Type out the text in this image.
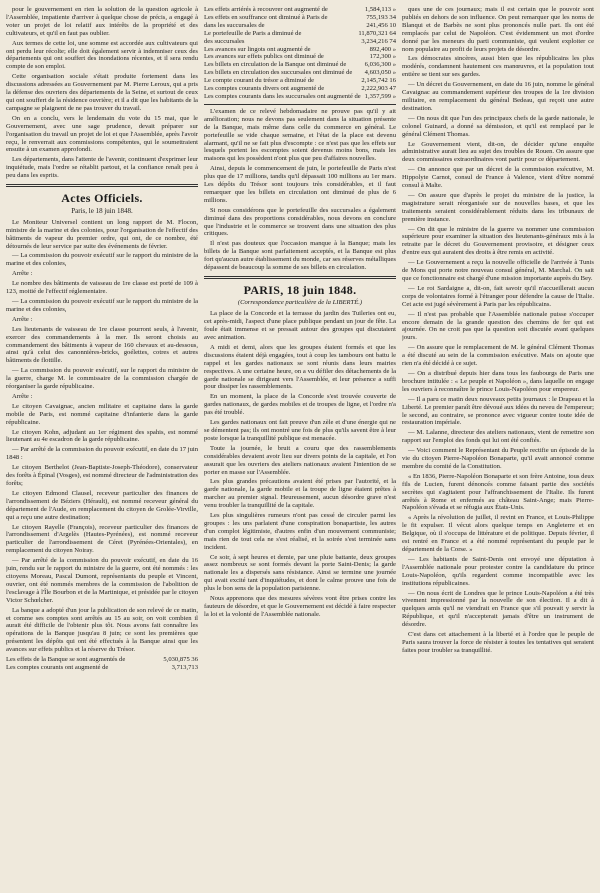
pour le gouvernement en rien la solution de la question agricole à l'Assemblée, impatiente d'arriver à quelque chose de précis, a engagé à voter un projet de loi relatif aux intérêts de la propriété et des cultivateurs, et qu'il en faut pas oublier.

Aux termes de cette loi, une somme est accordée aux cultivateurs qui ont perdu leur récolte; elle doit également servir à indemniser ceux des départements qui ont souffert des inondations récentes, et il sera rendu compte de son emploi.

Cette organisation sociale s'était produite fortement dans les discussions adressées au Gouvernement par M. Pierre Leroux, qui a pris la défense des ouvriers des départements de la Seine, et surtout de ceux qui ont souffert de la résidence ouvrière; et il a dit que les habitants de la campagne se plaignent de ne pas trouver du travail.

On en a conclu, vers le lendemain du vote du 15 mai, que le Gouvernement, avec une sage prudence, devait préparer sur l'organisation du travail un projet de loi et que l'Assemblée, après l'avoir reçu, le renverrait aux commissions compétentes, qui le soumettraient ensuite à un examen approfondi.

Les départements, dans l'attente de l'avenir, continuent d'exprimer leur inquiétude, mais l'ordre se rétablit partout, et la confiance renaît peu à peu dans les esprits.

Actes Officiels.
Paris, le 18 juin 1848.

Le Moniteur Universel contient un long rapport de M. Flocon, ministre de la marine et des colonies, pour l'organisation de l'effectif des bâtiments de vapeur du premier ordre, qui ont, de ce nombre, été détournés de leur service par suite des événements de février.

— La commission du pouvoir exécutif sur le rapport du ministre de la marine et des colonies,

Arrête :

Le nombre des bâtiments de vaisseau de 1re classe est porté de 109 à 123, moitié de l'effectif réglementaire.

— La commission du pouvoir exécutif sur le rapport du ministre de la marine et des colonies,

Arrête :

Les lieutenants de vaisseau de 1re classe pourront seuls, à l'avenir, exercer des commandements à la mer. Ils seront choisis au commandement des bâtiments à vapeur de 160 chevaux et au-dessous, ainsi qu'à celui des canonnières-bricks, goélettes, cotres et autres bâtiments de flottille.

— La commission du pouvoir exécutif, sur le rapport du ministre de la guerre, charge M. le commissaire de la commission chargée de réorganiser la garde républicaine.

Arrête :

Le citoyen Cavaignac, ancien militaire et capitaine dans la garde mobile de Paris, est nommé capitaine d'infanterie dans la garde républicaine.

Le citoyen Kohn, adjudant au 1er régiment des spahis, est nommé lieutenant au 4e escadron de la garde républicaine.

— Par arrêté de la commission du pouvoir exécutif, en date du 17 juin 1848 :

Le citoyen Berthelot (Jean-Baptiste-Joseph-Théodore), conservateur des forêts à Épinal (Vosges), est nommé directeur de l'administration des forêts;

Le citoyen Edmond Clausel, receveur particulier des finances de l'arrondissement de Béziers (Hérault), est nommé receveur général du département de l'Aude, en remplacement du citoyen de Grolée-Virville, qui a reçu une autre destination;

Le citoyen Rayelle (François), receveur particulier des finances de l'arrondissement d'Argelès (Hautes-Pyrénées), est nommé receveur particulier de l'arrondissement de Céret (Pyrénées-Orientales), en remplacement du citoyen Noiray.

— Par arrêté de la commission du pouvoir exécutif, en date du 16 juin, rendu sur le rapport du ministre de la guerre, ont été nommés : les citoyens Moreau, Pascal Dumont, représentants du peuple et Vincent, ouvrier, ont été nommés membres de la commission de l'abolition de l'esclavage à l'Île Bourbon et de la Martinique, et présidée par le citoyen Victor Schœlcher.

La banque a adopté d'un jour la publication de son relevé de ce matin, et comme ses comptes sont arrêtés au 15 au soir, on voit combien il aurait été difficile de l'obtenir plus tôt. Nous avons fait connaître les opérations de la Banque jusqu'au 8 juin; ce sont les premières que présentent les dépôts qui ont été effectués à la Banque ainsi que les avances sur effets publics et la réserve du Trésor.

Les effets de la Banque se sont augmentés de	5,030,875 36
Les comptes courants ont augmenté de	3,713,713
Les effets arriérés à recouvrer ont augmenté de	1,584,113 »
Les effets en souffrance ont diminué à Paris de	755,193 34
dans les succursales de	241,456 10
Le portefeuille de Paris a diminué de	11,870,321 64
des succursales	3,234,216 74
Les avances sur lingots ont augmenté de	892,400 »
Les avances sur effets publics ont diminué de	172,300 »
Les billets en circulation de la Banque ont diminué de	6,036,300 »
Les billets en circulation des succursales ont diminué de	4,603,050 »
Le compte courant du trésor a diminué de	2,145,742 16
Les comptes courants divers ont augmenté de	2,222,903 47
Les comptes courants dans les succursales ont augmenté de 1,357,599 »

L'examen de ce relevé hebdomadaire ne prouve pas qu'il y ait amélioration; nous ne devons pas seulement dans la situation présente de la Banque, mais même dans celle du commerce en général. Le portefeuille se vide chaque semaine, et l'état de la place est devenu alarmant, qu'il ne se fait plus d'escompte : ce n'est pas que les effets sur lesquels portent les escomptes soient devenus moins bons, mais les maisons qui les possèdent n'ont plus que peu d'affaires nouvelles.

Ainsi, depuis le commencement de juin, le portefeuille de Paris n'est plus que de 17 millions, tandis qu'il dépassait 100 millions au 1er mars. Les dépôts du Trésor sont toujours très considérables, et il faut remarquer que les billets en circulation ont diminué de plus de 6 millions.

Si nous considérons que le portefeuille des succursales a également diminué dans des proportions considérables, nous devons en conclure que l'industrie et le commerce se trouvent dans une situation des plus critiques.

Il n'est pas douteux que l'occasion manque à la Banque; mais les billets de la Banque sont parfaitement acceptés, et la Banque est plus fort qu'aucun autre établissement du monde, car ses réserves métalliques dépassent de beaucoup la somme de ses billets en circulation.

PARIS, 18 juin 1848.
(Correspondance particulière de la LIBERTÉ.)

La place de la Concorde et la terrasse du jardin des Tuileries ont eu, cet après-midi, l'aspect d'une place publique pendant un jour de fête. La foule était immense et se pressait autour des groupes qui discutaient avec animation.

A midi et demi, alors que les groupes étaient formés et que les discussions étaient déjà engagées, tout à coup les tambours ont battu le rappel et les gardes nationaux se sont réunis dans leurs mairies respectives. A une certaine heure, on a vu défiler des détachements de la garde nationale se dirigeant vers l'Assemblée, et leur présence a suffi pour dissiper les rassemblements.

En un moment, la place de la Concorde s'est trouvée couverte de gardes nationaux, de gardes mobiles et de troupes de ligne, et l'ordre n'a pas été troublé.

Les gardes nationaux ont fait preuve d'un zèle et d'une énergie qui ne se démentent pas; ils ont montré une fois de plus qu'ils savent être à leur poste lorsque la tranquillité publique est menacée.

Toute la journée, le bruit a couru que des rassemblements considérables devaient avoir lieu sur divers points de la capitale, et l'on assurait que les ouvriers des ateliers nationaux avaient l'intention de se porter en masse sur l'Assemblée.

Les plus grandes précautions avaient été prises par l'autorité, et la garde nationale, la garde mobile et la troupe de ligne étaient prêtes à marcher au premier signal. Heureusement, aucun désordre grave n'est venu troubler la tranquillité de la capitale.

Les plus singulières rumeurs n'ont pas cessé de circuler parmi les groupes : les uns parlaient d'une conspiration bonapartiste, les autres d'un complot légitimiste, d'autres enfin d'un mouvement communiste; mais rien de tout cela ne s'est réalisé, et la soirée s'est terminée sans incident.

Ce soir, à sept heures et demie, par une pluie battante, deux groupes assez nombreux se sont formés devant la porte Saint-Denis; la garde nationale les a dispersés sans résistance. Ainsi se termine une journée qui avait excité tant d'inquiétudes, et dont le calme prouve une fois de plus le bon sens de la population parisienne.

Nous apprenons que des mesures sévères vont être prises contre les fauteurs de désordre, et que le Gouvernement est décidé à faire respecter la loi et la volonté de l'Assemblée nationale.

ques une de ces journaux; mais il est certain que le pouvoir sont publiés en dehors de son influence. On peut remarquer que les noms de Blanqui et de Barbès ne sont plus prononcés nulle part. Ils ont été remplacés par celui de Napoléon. C'est évidemment un mot d'ordre donné par les meneurs du parti communiste, qui veulent exploiter ce nom populaire au profit de leurs projets de désordre.

Les démocrates sincères, aussi bien que les républicains les plus modérés, condamnent hautement ces manœuvres, et la population tout entière se tient sur ses gardes.

— Un décret du Gouvernement, en date du 16 juin, nomme le général Cavaignac au commandement supérieur des troupes de la 1re division militaire, en remplacement du général Bedeau, qui reçoit une autre destination.

— On nous dit que l'un des principaux chefs de la garde nationale, le colonel Guinard, a donné sa démission, et qu'il est remplacé par le général Clément Thomas.

Le Gouvernement vient, dit-on, de décider qu'une enquête administrative aurait lieu au sujet des troubles de Rouen. On assure que deux commissaires extraordinaires vont partir pour ce département.

— On annonce que par un décret de la commission exécutive, M. Hippolyte Carnot, consul de France à Valence, vient d'être nommé consul à Malte.

— On assure que d'après le projet du ministre de la justice, la magistrature serait réorganisée sur de nouvelles bases, et que les traitements seraient considérablement réduits dans les tribunaux de première instance.

— On dit que le ministre de la guerre va nommer une commission supérieure pour examiner la situation des lieutenants-généraux mis à la retraite par le décret du Gouvernement provisoire, et désigner ceux d'entre eux qui auraient des droits à être remis en activité.

— Le Gouvernement a reçu la nouvelle officielle de l'arrivée à Tunis de Mons qui porte notre nouveau consul général, M. Marchal. On sait que ce fonctionnaire est chargé d'une mission importante auprès du Bey.

— Le roi Sardaigne a, dit-on, fait savoir qu'il n'accueillerait aucun corps de volontaires formé à l'étranger pour défendre la cause de l'Italie. Cet acte est jugé sévèrement à Paris par les républicains.

— Il n'est pas probable que l'Assemblée nationale puisse s'occuper encore demain de la grande question des chemins de fer qui est ajournée. On ne croit pas que la question soit discutée avant quelques jours.

— On assure que le remplacement de M. le général Clément Thomas a été discuté au sein de la commission exécutive. Mais on ajoute que rien n'a été décidé à ce sujet.

— On a distribué depuis hier dans tous les faubourgs de Paris une brochure intitulée : « Le peuple et Napoléon », dans laquelle on engage les ouvriers à reconnaître le prince Louis-Napoléon pour empereur.

— Il a paru ce matin deux nouveaux petits journaux : le Drapeau et la Liberté. Le premier paraît être dévoué aux idées du neveu de l'empereur; le second, au contraire, se prononce avec vigueur contre toute idée de restauration impériale.

— M. Lalanne, directeur des ateliers nationaux, vient de remettre son rapport sur l'emploi des fonds qui lui ont été confiés.

— Voici comment le Représentant du Peuple rectifie un épisode de la vie du citoyen Pierre-Napoléon Bonaparte, qu'il avait annoncé comme membre du comité de la Constitution.

« En 1836, Pierre-Napoléon Bonaparte et son frère Antoine, tous deux fils de Lucien, furent dénoncés comme faisant partie des sociétés secrètes qui s'agitaient pour l'affranchissement de l'Italie. Ils furent arrêtés à Rome et enfermés au château Saint-Ange; mais Pierre-Napoléon s'évada et se réfugia aux États-Unis.

« Après la révolution de juillet, il revint en France, et Louis-Philippe le fit expulser. Il vécut alors quelque temps en Angleterre et en Belgique, où il s'occupa de littérature et de politique. Depuis février, il est rentré en France et a été nommé représentant du peuple par le département de la Corse. »

— Les habitants de Saint-Denis ont envoyé une députation à l'Assemblée nationale pour protester contre la candidature du prince Louis-Napoléon, qu'ils regardent comme incompatible avec les institutions républicaines.

— On nous écrit de Londres que le prince Louis-Napoléon a été très vivement impressionné par la nouvelle de son élection. Il a dit à quelques amis qu'il ne viendrait en France que s'il pouvait y servir la République, et qu'il n'accepterait jamais d'être un instrument de désordre.

C'est dans cet attachement à la liberté et à l'ordre que le peuple de Paris saura trouver la force de résister à toutes les tentatives qui seraient faites pour troubler sa tranquillité.
